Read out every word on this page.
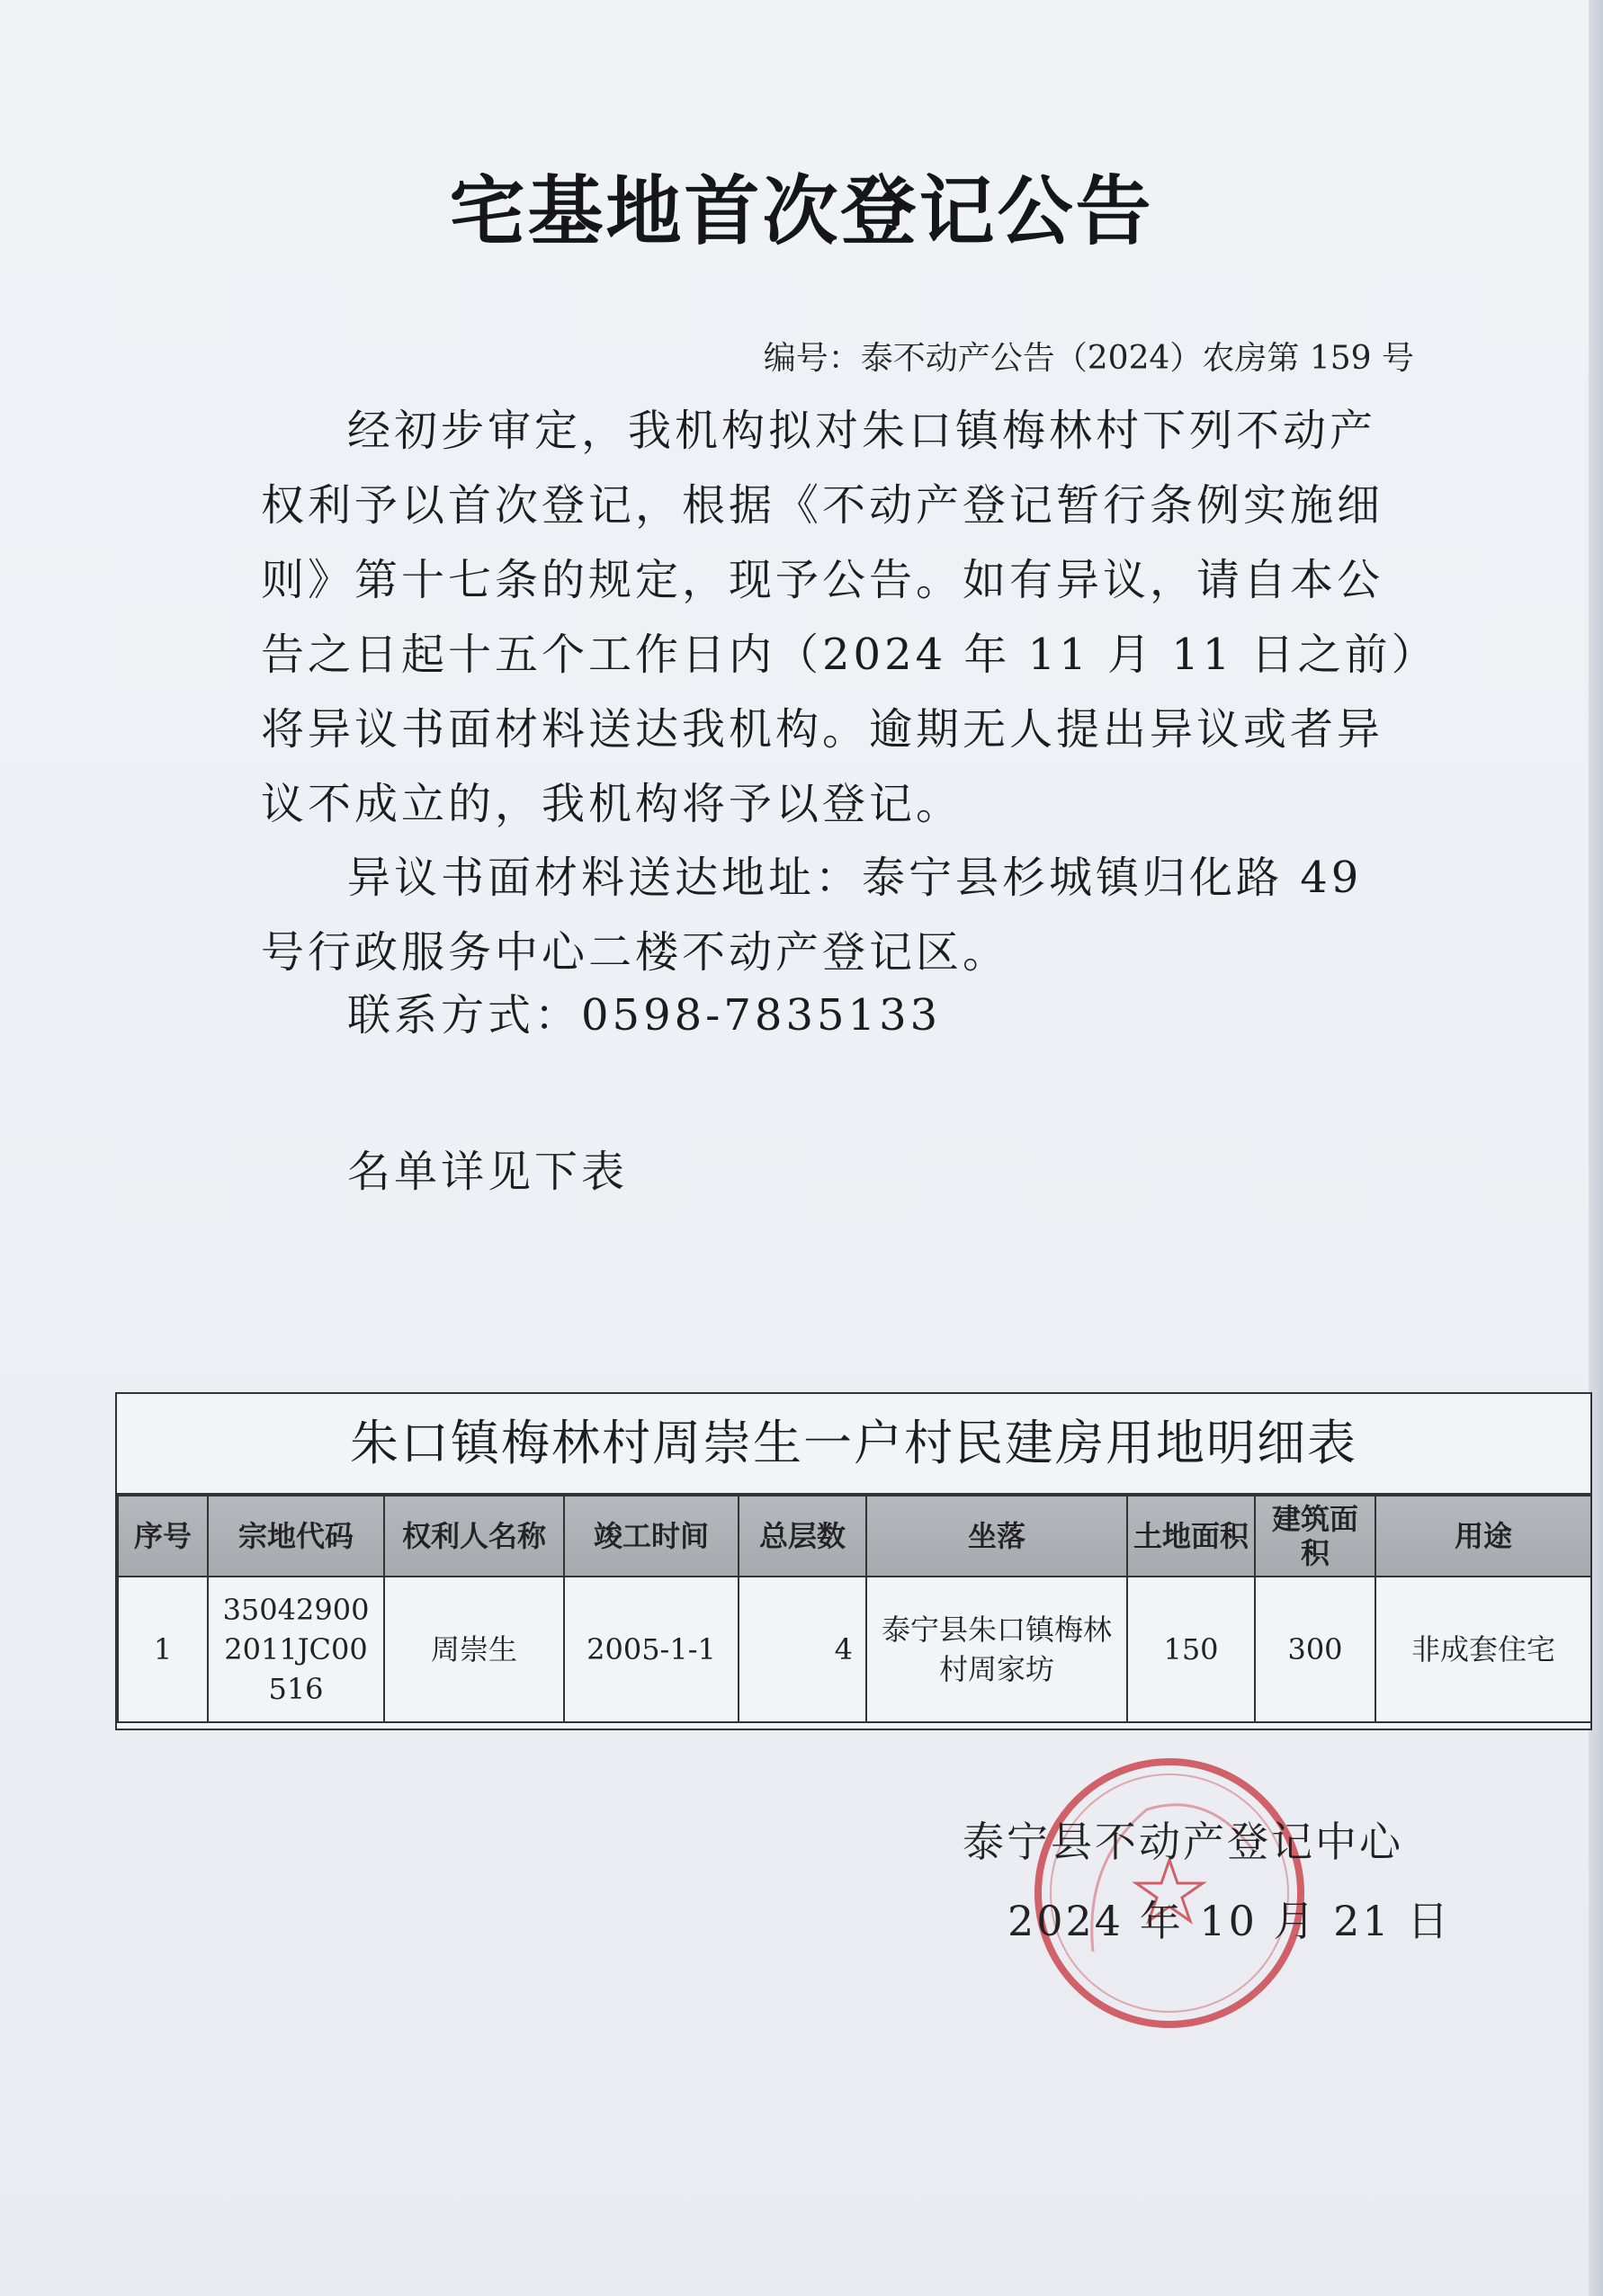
宅基地首次登记公告
编号：泰不动产公告（2024）农房第 159 号

经初步审定，我机构拟对朱口镇梅林村下列不动产权利予以首次登记，根据《不动产登记暂行条例实施细则》第十七条的规定，现予公告。如有异议，请自本公告之日起十五个工作日内（2024 年 11 月 11 日之前）将异议书面材料送达我机构。逾期无人提出异议或者异议不成立的，我机构将予以登记。

异议书面材料送达地址：泰宁县杉城镇归化路 49 号行政服务中心二楼不动产登记区。

联系方式：0598-7835133

名单详见下表

朱口镇梅林村周崇生一户村民建房用地明细表
序号	宗地代码	权利人名称	竣工时间	总层数	坐落	土地面积	建筑面积	用途
1	350429002011JC00516	周崇生	2005-1-1	4	泰宁县朱口镇梅林村周家坊	150	300	非成套住宅
泰宁县不动产登记中心
2024 年 10 月 21 日
